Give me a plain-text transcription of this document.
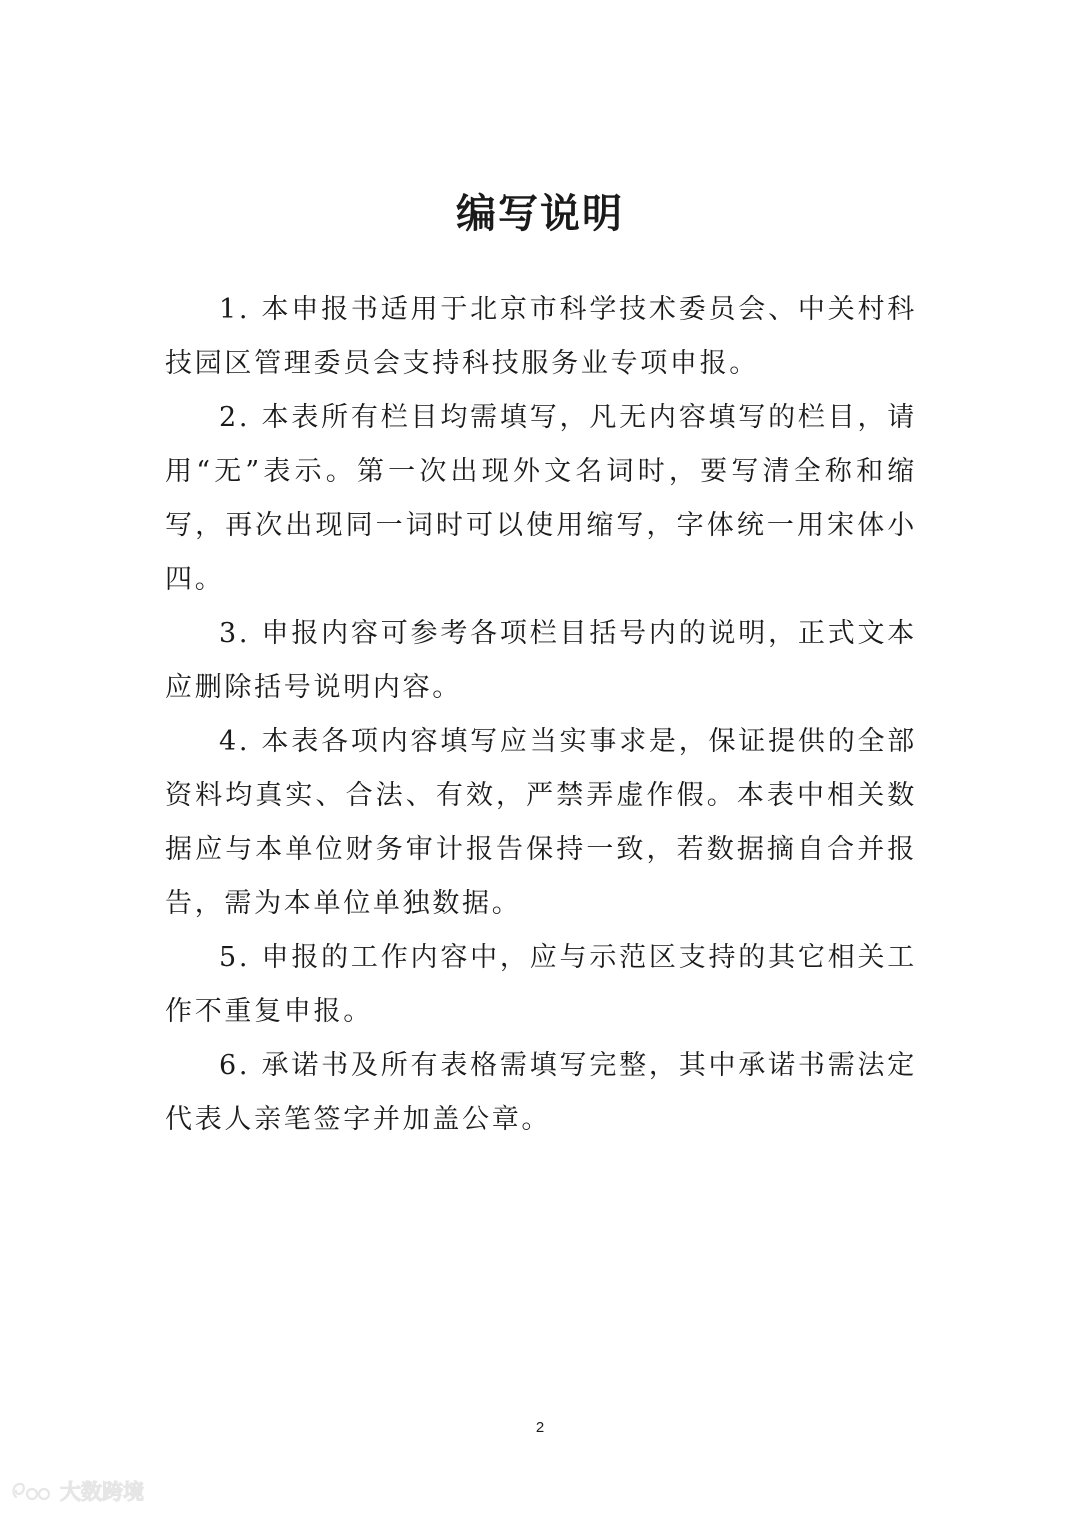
编写说明

1. 本申报书适用于北京市科学技术委员会、中关村科技园区管理委员会支持科技服务业专项申报。

2. 本表所有栏目均需填写，凡无内容填写的栏目，请用“无”表示。第一次出现外文名词时，要写清全称和缩写，再次出现同一词时可以使用缩写，字体统一用宋体小四。

3. 申报内容可参考各项栏目括号内的说明，正式文本应删除括号说明内容。

4. 本表各项内容填写应当实事求是，保证提供的全部资料均真实、合法、有效，严禁弄虚作假。本表中相关数据应与本单位财务审计报告保持一致，若数据摘自合并报告，需为本单位单独数据。

5. 申报的工作内容中，应与示范区支持的其它相关工作不重复申报。

6. 承诺书及所有表格需填写完整，其中承诺书需法定代表人亲笔签字并加盖公章。

2
大数跨境
